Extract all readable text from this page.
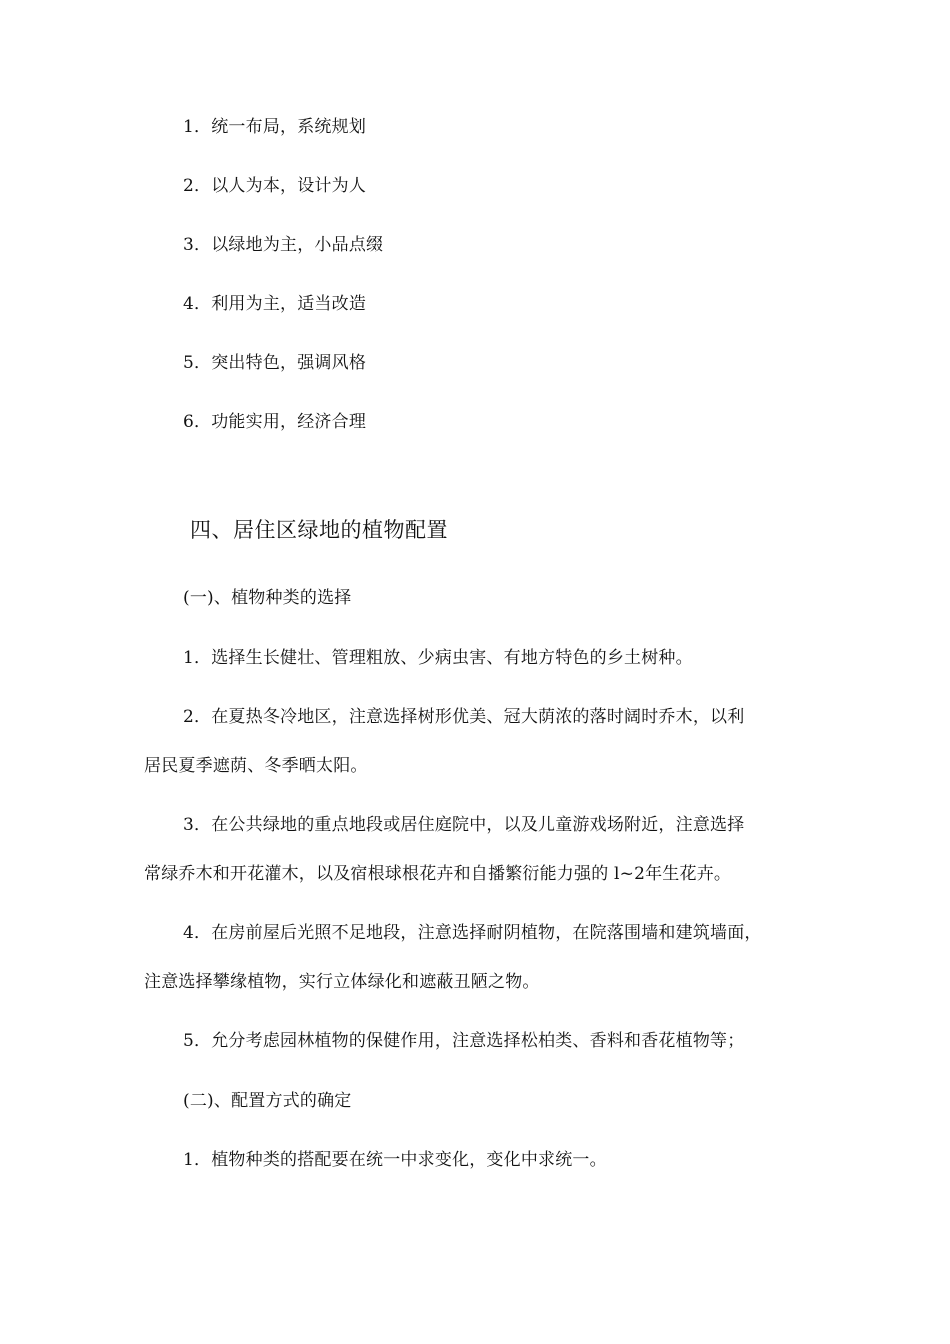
1．统一布局，系统规划
2．以人为本，设计为人
3．以绿地为主，小品点缀
4．利用为主，适当改造
5．突出特色，强调风格
6．功能实用，经济合理
四、居住区绿地的植物配置
(一)、植物种类的选择
1．选择生长健壮、管理粗放、少病虫害、有地方特色的乡土树种。
2．在夏热冬冷地区，注意选择树形优美、冠大荫浓的落时阔时乔木，以利
居民夏季遮荫、冬季晒太阳。
3．在公共绿地的重点地段或居住庭院中，以及儿童游戏场附近，注意选择
常绿乔木和开花灌木，以及宿根球根花卉和自播繁衍能力强的 l~2年生花卉。
4．在房前屋后光照不足地段，注意选择耐阴植物，在院落围墙和建筑墙面，
注意选择攀缘植物，实行立体绿化和遮蔽丑陋之物。
5．允分考虑园林植物的保健作用，注意选择松柏类、香料和香花植物等；
(二)、配置方式的确定
1．植物种类的搭配要在统一中求变化，变化中求统一。
